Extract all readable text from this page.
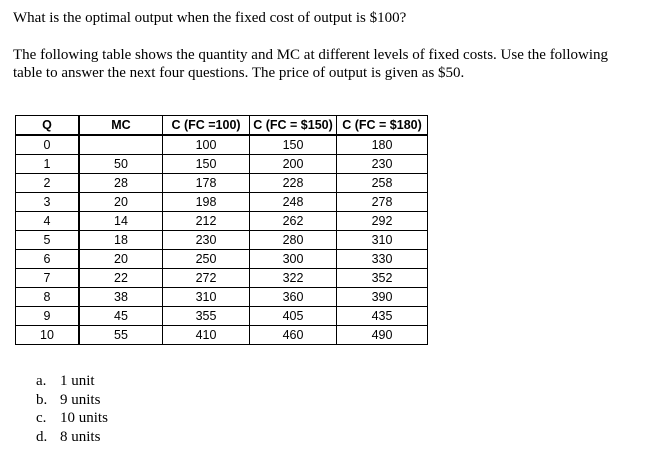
What is the optimal output when the fixed cost of output is $100?
The following table shows the quantity and MC at different levels of fixed costs. Use the following table to answer the next four questions. The price of output is given as $50.
Q	MC	C (FC =100)	C (FC = $150)	C (FC = $180)
0		100	150	180
1	50	150	200	230
2	28	178	228	258
3	20	198	248	278
4	14	212	262	292
5	18	230	280	310
6	20	250	300	330
7	22	272	322	352
8	38	310	360	390
9	45	355	405	435
10	55	410	460	490
a. 1 unit
b. 9 units
c. 10 units
d. 8 units
